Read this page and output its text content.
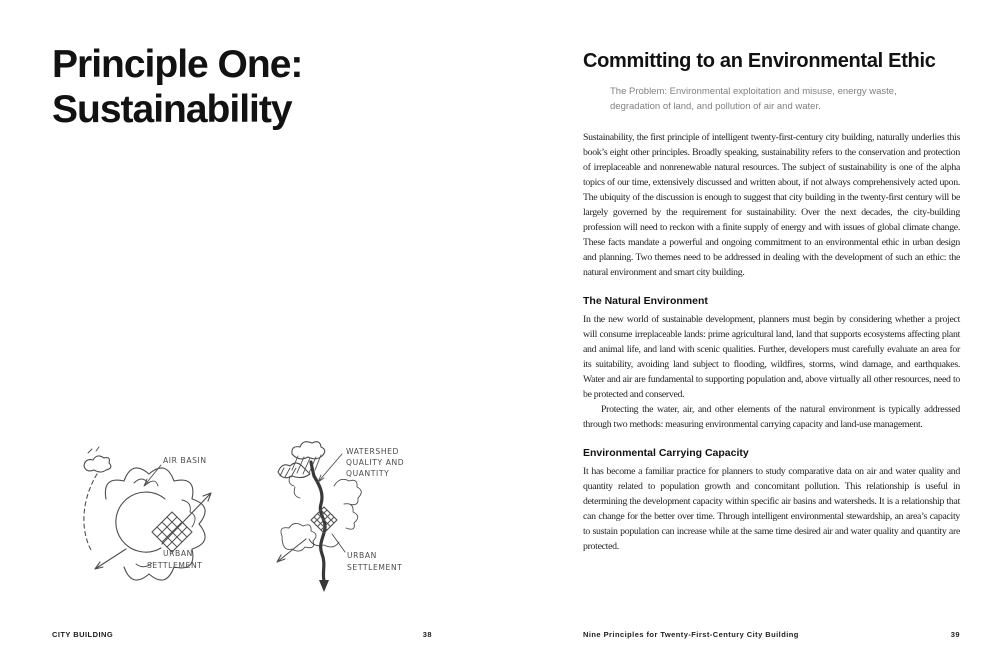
Principle One:
Sustainability
AIR BASIN
URBAN
SETTLEMENT
WATERSHED
QUALITY AND
QUANTITY
URBAN
SETTLEMENT
CITY BUILDING	38
Committing to an Environmental Ethic

The Problem: Environmental exploitation and misuse, energy waste, degradation of land, and pollution of air and water.

Sustainability, the first principle of intelligent twenty-first-century city building, naturally underlies this book’s eight other principles. Broadly speaking, sustainability refers to the conservation and protection of irreplaceable and nonrenewable natural resources. The subject of sustainability is one of the alpha topics of our time, extensively discussed and written about, if not always comprehensively acted upon. The ubiquity of the discussion is enough to suggest that city building in the twenty-first century will be largely governed by the requirement for sustainability. Over the next decades, the city-building profession will need to reckon with a finite supply of energy and with issues of global climate change. These facts mandate a powerful and ongoing commitment to an environmental ethic in urban design and planning. Two themes need to be addressed in dealing with the development of such an ethic: the natural environment and smart city building.

The Natural Environment

In the new world of sustainable development, planners must begin by considering whether a project will consume irreplaceable lands: prime agricultural land, land that supports ecosystems affecting plant and animal life, and land with scenic qualities. Further, developers must carefully evaluate an area for its suitability, avoiding land subject to flooding, wildfires, storms, wind damage, and earthquakes. Water and air are fundamental to supporting population and, above virtually all other resources, need to be protected and conserved.

Protecting the water, air, and other elements of the natural environment is typically addressed through two methods: measuring environmental carrying capacity and land-use management.

Environmental Carrying Capacity

It has become a familiar practice for planners to study comparative data on air and water quality and quantity related to population growth and concomitant pollution. This relationship is useful in determining the development capacity within specific air basins and watersheds. It is a relationship that can change for the better over time. Through intelligent environmental stewardship, an area’s capacity to sustain population can increase while at the same time desired air and water quality and quantity are protected.

Nine Principles for Twenty-First-Century City Building	39
